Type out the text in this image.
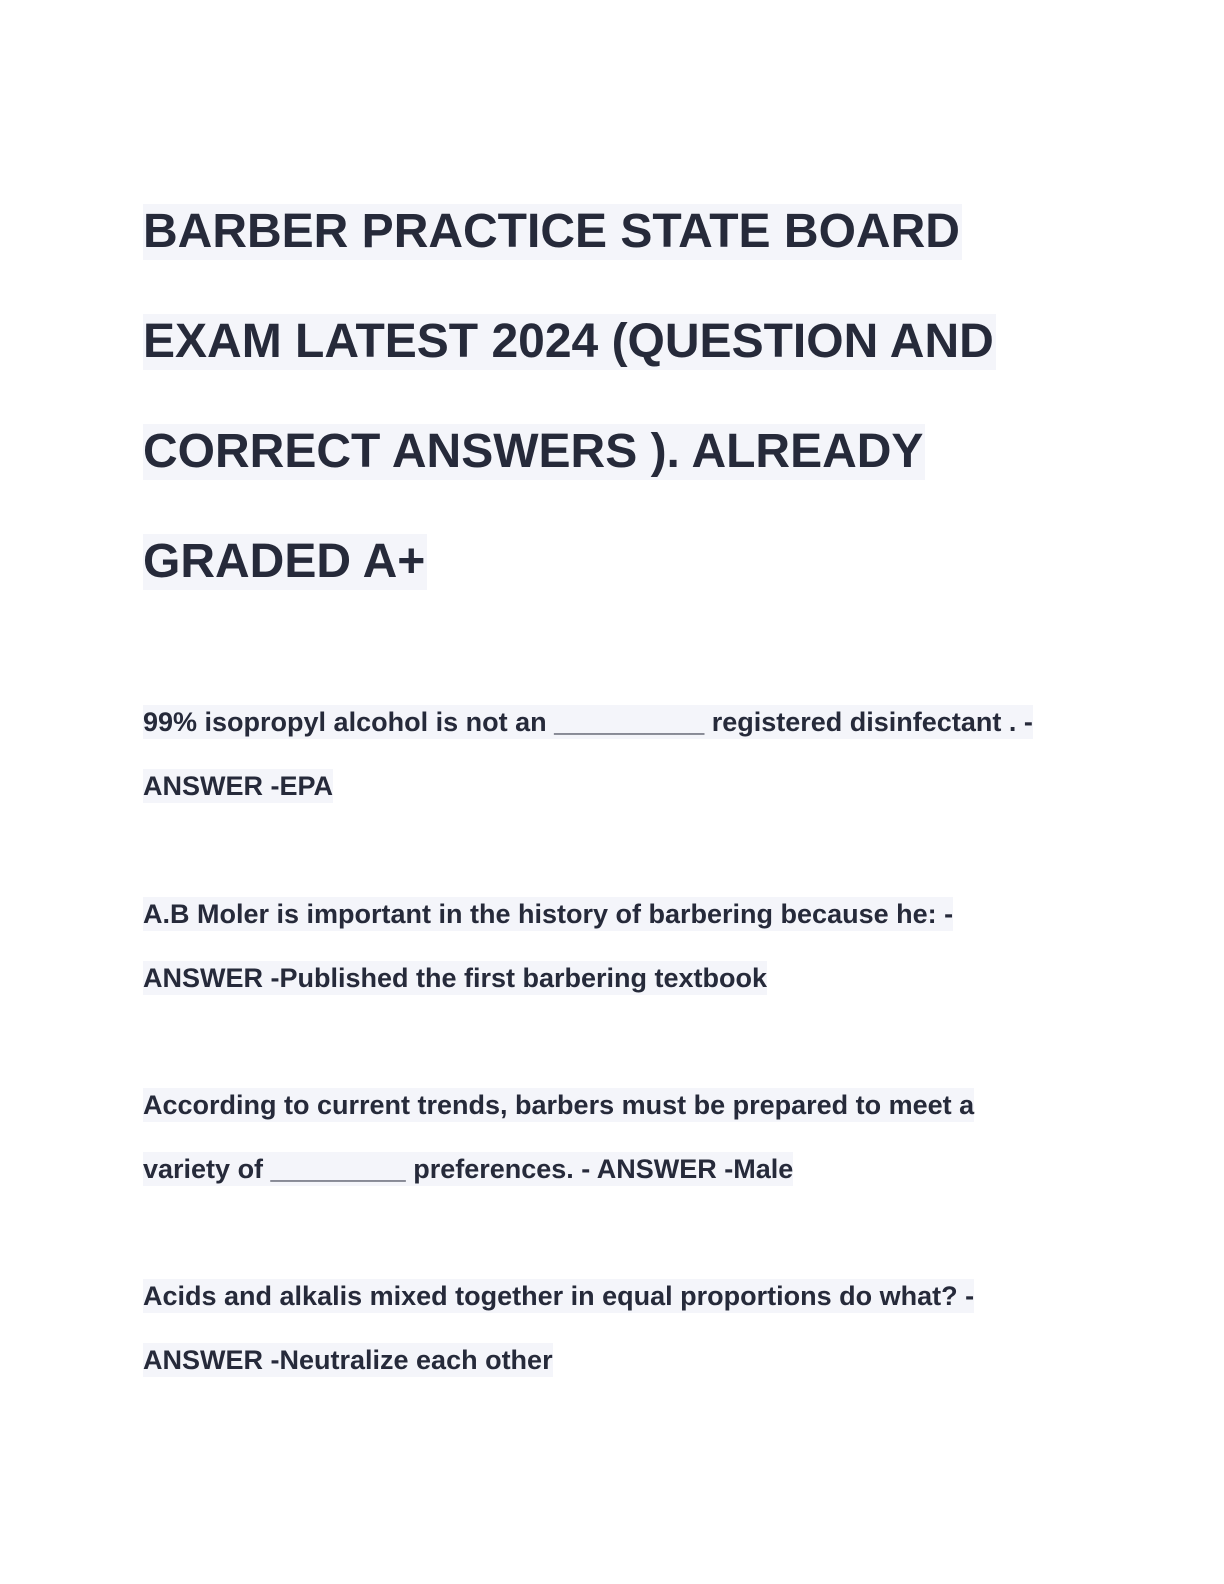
BARBER PRACTICE STATE BOARD
EXAM LATEST 2024 (QUESTION AND
CORRECT ANSWERS ). ALREADY
GRADED A+
99% isopropyl alcohol is not an __________ registered disinfectant . -
ANSWER -EPA
A.B Moler is important in the history of barbering because he: -
ANSWER -Published the first barbering textbook
According to current trends, barbers must be prepared to meet a
variety of _________ preferences. - ANSWER -Male
Acids and alkalis mixed together in equal proportions do what? -
ANSWER -Neutralize each other
